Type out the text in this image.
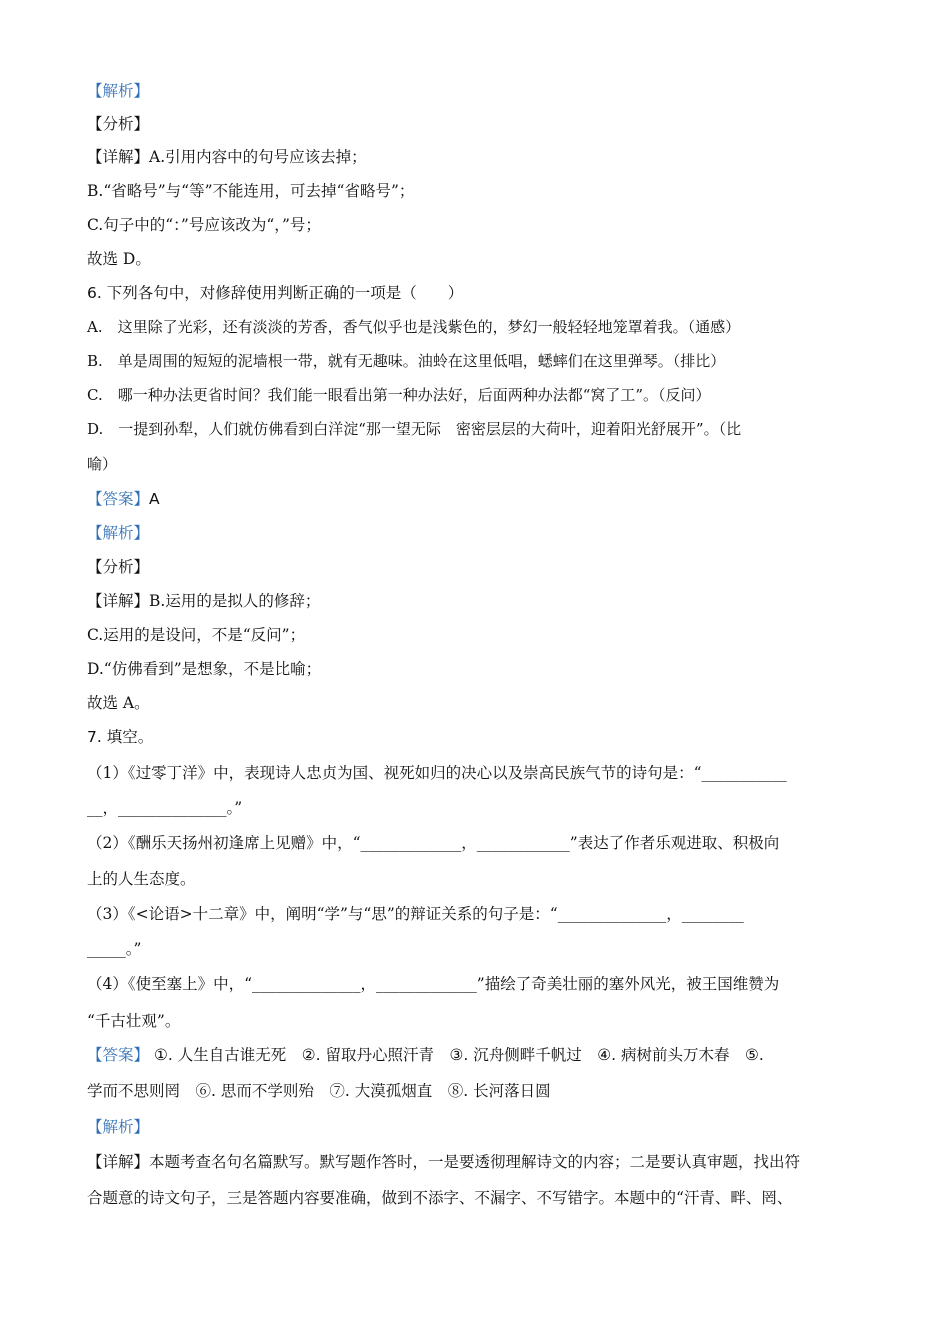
【解析】
【分析】
【详解】A.引用内容中的句号应该去掉；
B.“省略号”与“等”不能连用，可去掉“省略号”；
C.句子中的“：”号应该改为“，”号；
故选 D。
6. 下列各句中，对修辞使用判断正确的一项是（　　）
A.　这里除了光彩，还有淡淡的芳香，香气似乎也是浅紫色的，梦幻一般轻轻地笼罩着我。（通感）
B.　单是周围的短短的泥墙根一带，就有无趣味。油蛉在这里低唱，蟋蟀们在这里弹琴。（排比）
C.　哪一种办法更省时间？我们能一眼看出第一种办法好，后面两种办法都“窝了工”。（反问）
D.　一提到孙犁，人们就仿佛看到白洋淀“那一望无际　密密层层的大荷叶，迎着阳光舒展开”。（比
喻）
【答案】A
【解析】
【分析】
【详解】B.运用的是拟人的修辞；
C.运用的是设问，不是“反问”；
D.“仿佛看到”是想象，不是比喻；
故选 A。
7. 填空。
（1）《过零丁洋》中，表现诗人忠贞为国、视死如归的决心以及崇高民族气节的诗句是：“___________
__，______________。”
（2）《酬乐天扬州初逢席上见赠》中，“_____________，____________”表达了作者乐观进取、积极向
上的人生态度。
（3）《<论语>十二章》中，阐明“学”与“思”的辩证关系的句子是：“______________，________
_____。”
（4）《使至塞上》中，“______________，_____________”描绘了奇美壮丽的塞外风光，被王国维赞为
“千古壮观”。
【答案】 ①. 人生自古谁无死　②. 留取丹心照汗青　③. 沉舟侧畔千帆过　④. 病树前头万木春　⑤.
学而不思则罔　⑥. 思而不学则殆　⑦. 大漠孤烟直　⑧. 长河落日圆
【解析】
【详解】本题考查名句名篇默写。默写题作答时，一是要透彻理解诗文的内容；二是要认真审题，找出符
合题意的诗文句子，三是答题内容要准确，做到不添字、不漏字、不写错字。本题中的“汗青、畔、罔、
